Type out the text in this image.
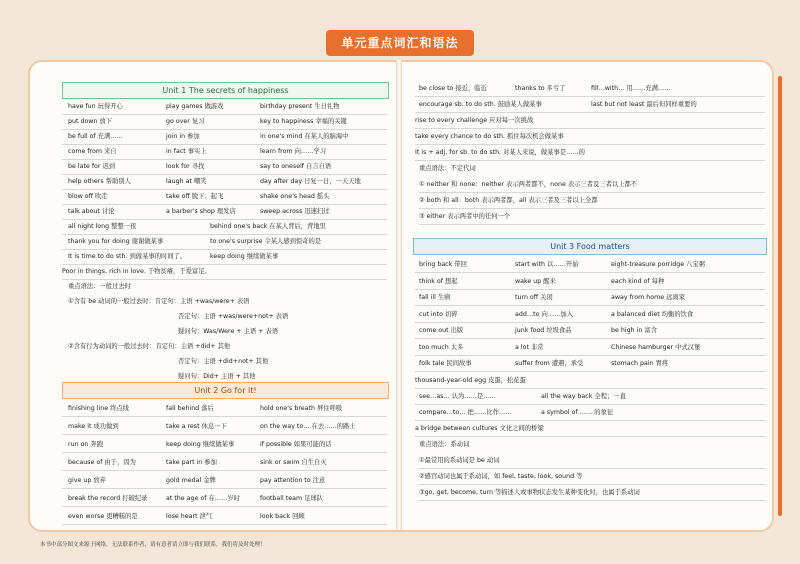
单元重点词汇和语法
Unit 1 The secrets of happiness
have fun 玩得开心	play games 做游戏	birthday present 生日礼物
put down 放下	go over 复习	key to happiness 幸福的关键
be full of 充满……	join in 参加	in one's mind 在某人的脑海中
come from 来自	in fact 事实上	learn from 向……学习
be late for 迟到	look for 寻找	say to oneself 自言自语
help others 帮助别人	laugh at 嘲笑	day after day 日复一日，一天天地
blow off 吹走	take off 脱下；起飞	shake one's head 摇头
talk about 讨论	a barber's shop 理发店	sweep across 迅速扫过
all night long 整整一夜	behind one's back 在某人背后，背地里
thank you for doing 谢谢做某事	to one's surprise 令某人感到惊奇的是
It is time to do sth. 到做某事的时间了。	keep doing 继续做某事
Poor in things, rich in love. 于物贫瘠，于爱富足。
重点语法：一般过去时
①含有 be 动词的一般过去时：肯定句：主语 +was/were+ 表语
否定句：主语 +was/were+not+ 表语
疑问句：Was/Were + 主语 + 表语
②含有行为动词的一般过去时：肯定句：主语 +did+ 其他
否定句：主语 +did+not+ 其他
疑问句：Did+ 主语 + 其他
Unit 2 Go for it!
finishing line 终点线	fall behind 落后	hold one's breath 屏住呼吸
make it 成功做到	take a rest 休息一下	on the way to… 在去……的路上
run on 奔跑	keep doing 继续做某事	if possible 如果可能的话
because of 由于，因为	take part in 参加	sink or swim 自生自灭
give up 放弃	gold medal 金牌	pay attention to 注意
break the record 打破纪录	at the age of 在……岁时	football team 足球队
even worse 更糟糕的是	lose heart 泄气	look back 回顾
be close to 接近，临近	thanks to 多亏了	fill…with… 用……充满……
encourage sb. to do sth. 鼓励某人做某事	last but not least 最后但同样重要的
rise to every challenge 应对每一次挑战
take every chance to do sth. 抓住每次机会做某事
It is + adj. for sb. to do sth. 对某人来说，做某事是……的
重点语法：不定代词
① neither 和 none：neither 表示两者都不，none 表示三者及三者以上都不
② both 和 all：both 表示两者都，all 表示三者及三者以上全都
③ either 表示两者中的任何一个
Unit 3 Food matters
bring back 带回	start with 以……开始	eight-treasure porridge 八宝粥
think of 想起	wake up 醒来	each kind of 每种
fall ill 生病	turn off 关闭	away from home 远离家
cut into 切碎	add…to 向……加入	a balanced diet 均衡的饮食
come out 出版	junk food 垃圾食品	be high in 富含
too much 太多	a lot 非常	Chinese hamburger 中式汉堡
folk tale 民间故事	suffer from 遭遇，承受	stomach pain 胃疼
thousand-year-old egg 皮蛋，松花蛋
see…as… 认为……是……	all the way back 全程；一直
compare…to… 把……比作……	a symbol of …… 的象征
a bridge between cultures 文化之间的桥梁
重点语法：系动词
①最常用的系动词是 be 动词
②感官动词也属于系动词，如 feel, taste, look, sound 等
③go, get, become, turn 等描述人或事物状态发生某种变化时，也属于系动词
本书中部分图文来源于网络，无法联系作者，请有意者请立即与我们联系，我们将及时处理！
